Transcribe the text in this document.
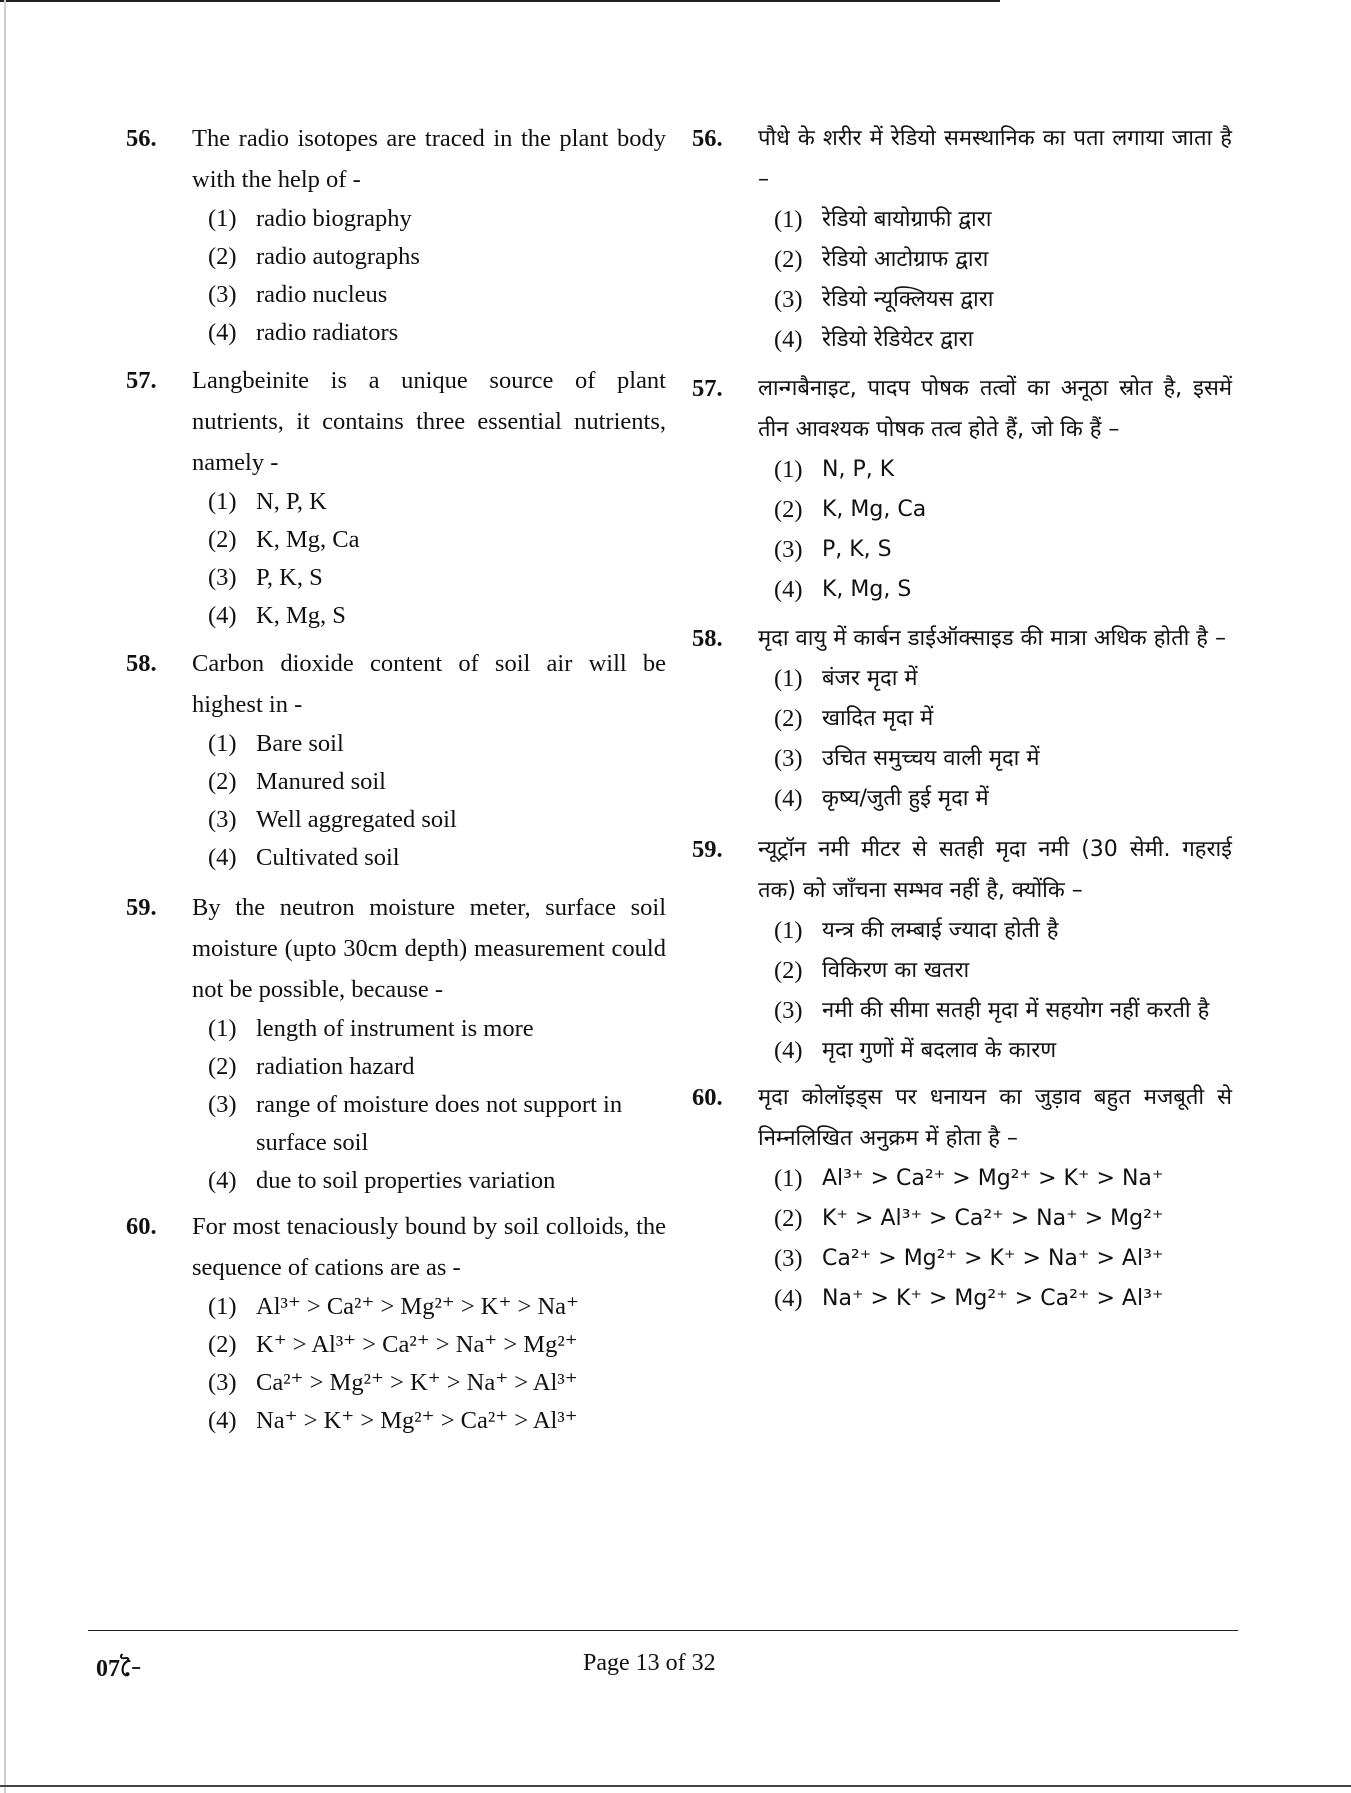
56. The radio isotopes are traced in the plant body with the help of -
(1) radio biography
(2) radio autographs
(3) radio nucleus
(4) radio radiators
57. Langbeinite is a unique source of plant nutrients, it contains three essential nutrients, namely -
(1) N, P, K
(2) K, Mg, Ca
(3) P, K, S
(4) K, Mg, S
58. Carbon dioxide content of soil air will be highest in -
(1) Bare soil
(2) Manured soil
(3) Well aggregated soil
(4) Cultivated soil
59. By the neutron moisture meter, surface soil moisture (upto 30cm depth) measurement could not be possible, because -
(1) length of instrument is more
(2) radiation hazard
(3) range of moisture does not support in surface soil
(4) due to soil properties variation
60. For most tenaciously bound by soil colloids, the sequence of cations are as -
(1) Al³⁺ > Ca²⁺ > Mg²⁺ > K⁺ > Na⁺
(2) K⁺ > Al³⁺ > Ca²⁺ > Na⁺ > Mg²⁺
(3) Ca²⁺ > Mg²⁺ > K⁺ > Na⁺ > Al³⁺
(4) Na⁺ > K⁺ > Mg²⁺ > Ca²⁺ > Al³⁺
56. पौधे के शरीर में रेडियो समस्थानिक का पता लगाया जाता है –
(1) रेडियो बायोग्राफी द्वारा
(2) रेडियो आटोग्राफ द्वारा
(3) रेडियो न्यूक्लियस द्वारा
(4) रेडियो रेडियेटर द्वारा
57. लान्गबैनाइट, पादप पोषक तत्वों का अनूठा स्रोत है, इसमें तीन आवश्यक पोषक तत्व होते हैं, जो कि हैं –
(1) N, P, K
(2) K, Mg, Ca
(3) P, K, S
(4) K, Mg, S
58. मृदा वायु में कार्बन डाईऑक्साइड की मात्रा अधिक होती है –
(1) बंजर मृदा में
(2) खादित मृदा में
(3) उचित समुच्चय वाली मृदा में
(4) कृष्य/जुती हुई मृदा में
59. न्यूट्रॉन नमी मीटर से सतही मृदा नमी (30 सेमी. गहराई तक) को जाँचना सम्भव नहीं है, क्योंकि –
(1) यन्त्र की लम्बाई ज्यादा होती है
(2) विकिरण का खतरा
(3) नमी की सीमा सतही मृदा में सहयोग नहीं करती है
(4) मृदा गुणों में बदलाव के कारण
60. मृदा कोलॉइड्स पर धनायन का जुड़ाव बहुत मजबूती से निम्नलिखित अनुक्रम में होता है –
(1) Al³⁺ > Ca²⁺ > Mg²⁺ > K⁺ > Na⁺
(2) K⁺ > Al³⁺ > Ca²⁺ > Na⁺ > Mg²⁺
(3) Ca²⁺ > Mg²⁺ > K⁺ > Na⁺ > Al³⁺
(4) Na⁺ > K⁺ > Mg²⁺ > Ca²⁺ > Al³⁺
07-ৈ	Page 13 of 32
